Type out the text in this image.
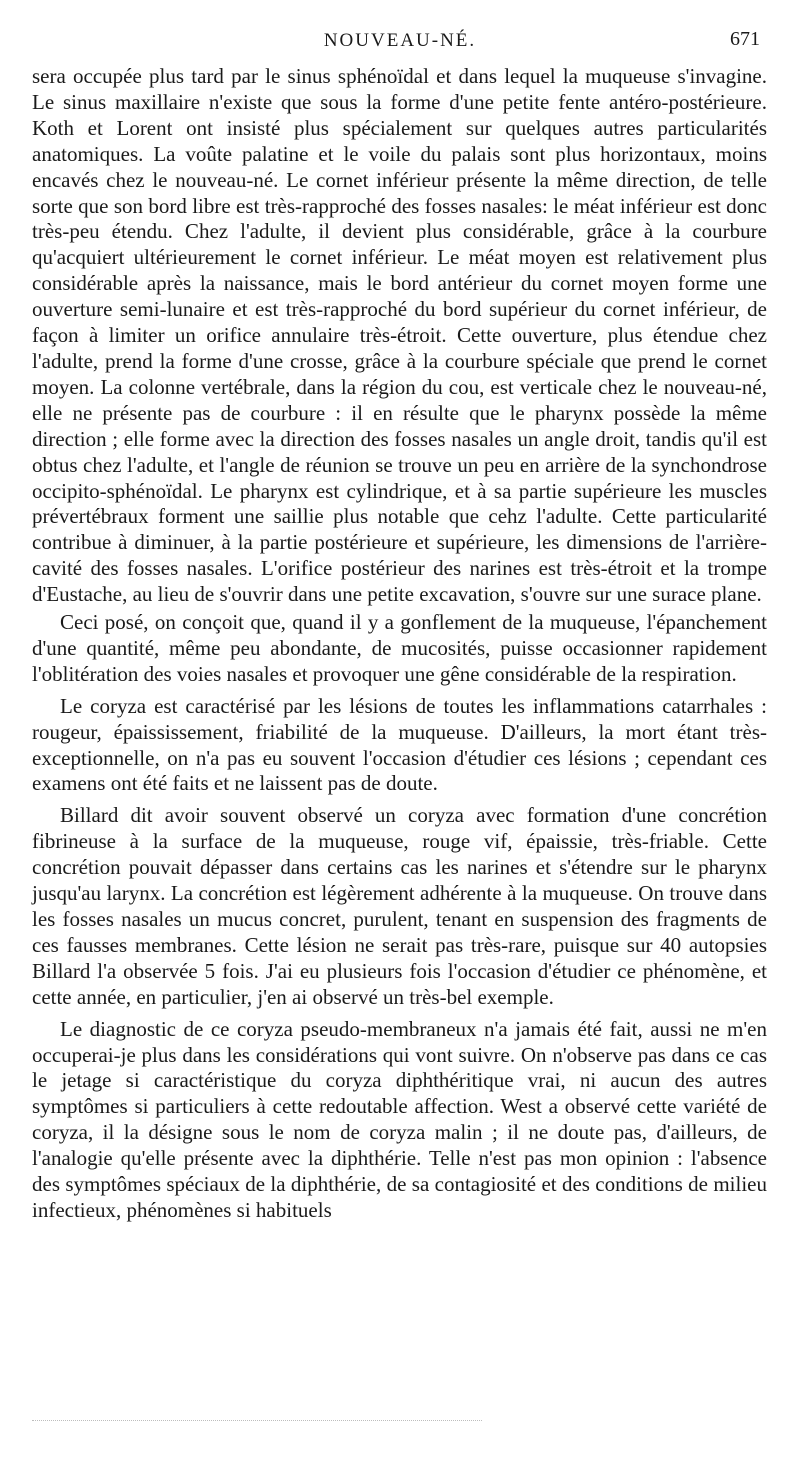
NOUVEAU-NÉ.	671

sera occupée plus tard par le sinus sphénoïdal et dans lequel la muqueuse s'invagine. Le sinus maxillaire n'existe que sous la forme d'une petite fente antéro-postérieure. Koth et Lorent ont insisté plus spécialement sur quelques autres particularités anatomiques. La voûte palatine et le voile du palais sont plus horizontaux, moins encavés chez le nouveau-né. Le cornet inférieur présente la même direction, de telle sorte que son bord libre est très-rapproché des fosses nasales: le méat inférieur est donc très-peu étendu. Chez l'adulte, il devient plus considérable, grâce à la courbure qu'acquiert ultérieurement le cornet inférieur. Le méat moyen est relativement plus considérable après la naissance, mais le bord antérieur du cornet moyen forme une ouverture semi-lunaire et est très-rapproché du bord supérieur du cornet inférieur, de façon à limiter un orifice annulaire très-étroit. Cette ouverture, plus étendue chez l'adulte, prend la forme d'une crosse, grâce à la courbure spéciale que prend le cornet moyen. La colonne vertébrale, dans la région du cou, est verticale chez le nouveau-né, elle ne présente pas de courbure : il en résulte que le pharynx possède la même direction ; elle forme avec la direction des fosses nasales un angle droit, tandis qu'il est obtus chez l'adulte, et l'angle de réunion se trouve un peu en arrière de la synchondrose occipito-sphénoïdal. Le pharynx est cylindrique, et à sa partie supérieure les muscles prévertébraux forment une saillie plus notable que cehz l'adulte. Cette particularité contribue à diminuer, à la partie postérieure et supérieure, les dimensions de l'arrière-cavité des fosses nasales. L'orifice postérieur des narines est très-étroit et la trompe d'Eustache, au lieu de s'ouvrir dans une petite excavation, s'ouvre sur une surace plane.

Ceci posé, on conçoit que, quand il y a gonflement de la muqueuse, l'épanchement d'une quantité, même peu abondante, de mucosités, puisse occasionner rapidement l'oblitération des voies nasales et provoquer une gêne considérable de la respiration.

Le coryza est caractérisé par les lésions de toutes les inflammations catarrhales : rougeur, épaississement, friabilité de la muqueuse. D'ailleurs, la mort étant très-exceptionnelle, on n'a pas eu souvent l'occasion d'étudier ces lésions ; cependant ces examens ont été faits et ne laissent pas de doute.

Billard dit avoir souvent observé un coryza avec formation d'une concrétion fibrineuse à la surface de la muqueuse, rouge vif, épaissie, très-friable. Cette concrétion pouvait dépasser dans certains cas les narines et s'étendre sur le pharynx jusqu'au larynx. La concrétion est légèrement adhérente à la muqueuse. On trouve dans les fosses nasales un mucus concret, purulent, tenant en suspension des fragments de ces fausses membranes. Cette lésion ne serait pas très-rare, puisque sur 40 autopsies Billard l'a observée 5 fois. J'ai eu plusieurs fois l'occasion d'étudier ce phénomène, et cette année, en particulier, j'en ai observé un très-bel exemple.

Le diagnostic de ce coryza pseudo-membraneux n'a jamais été fait, aussi ne m'en occuperai-je plus dans les considérations qui vont suivre. On n'observe pas dans ce cas le jetage si caractéristique du coryza diphthéritique vrai, ni aucun des autres symptômes si particuliers à cette redoutable affection. West a observé cette variété de coryza, il la désigne sous le nom de coryza malin ; il ne doute pas, d'ailleurs, de l'analogie qu'elle présente avec la diphthérie. Telle n'est pas mon opinion : l'absence des symptômes spéciaux de la diphthérie, de sa contagiosité et des conditions de milieu infectieux, phénomènes si habituels
